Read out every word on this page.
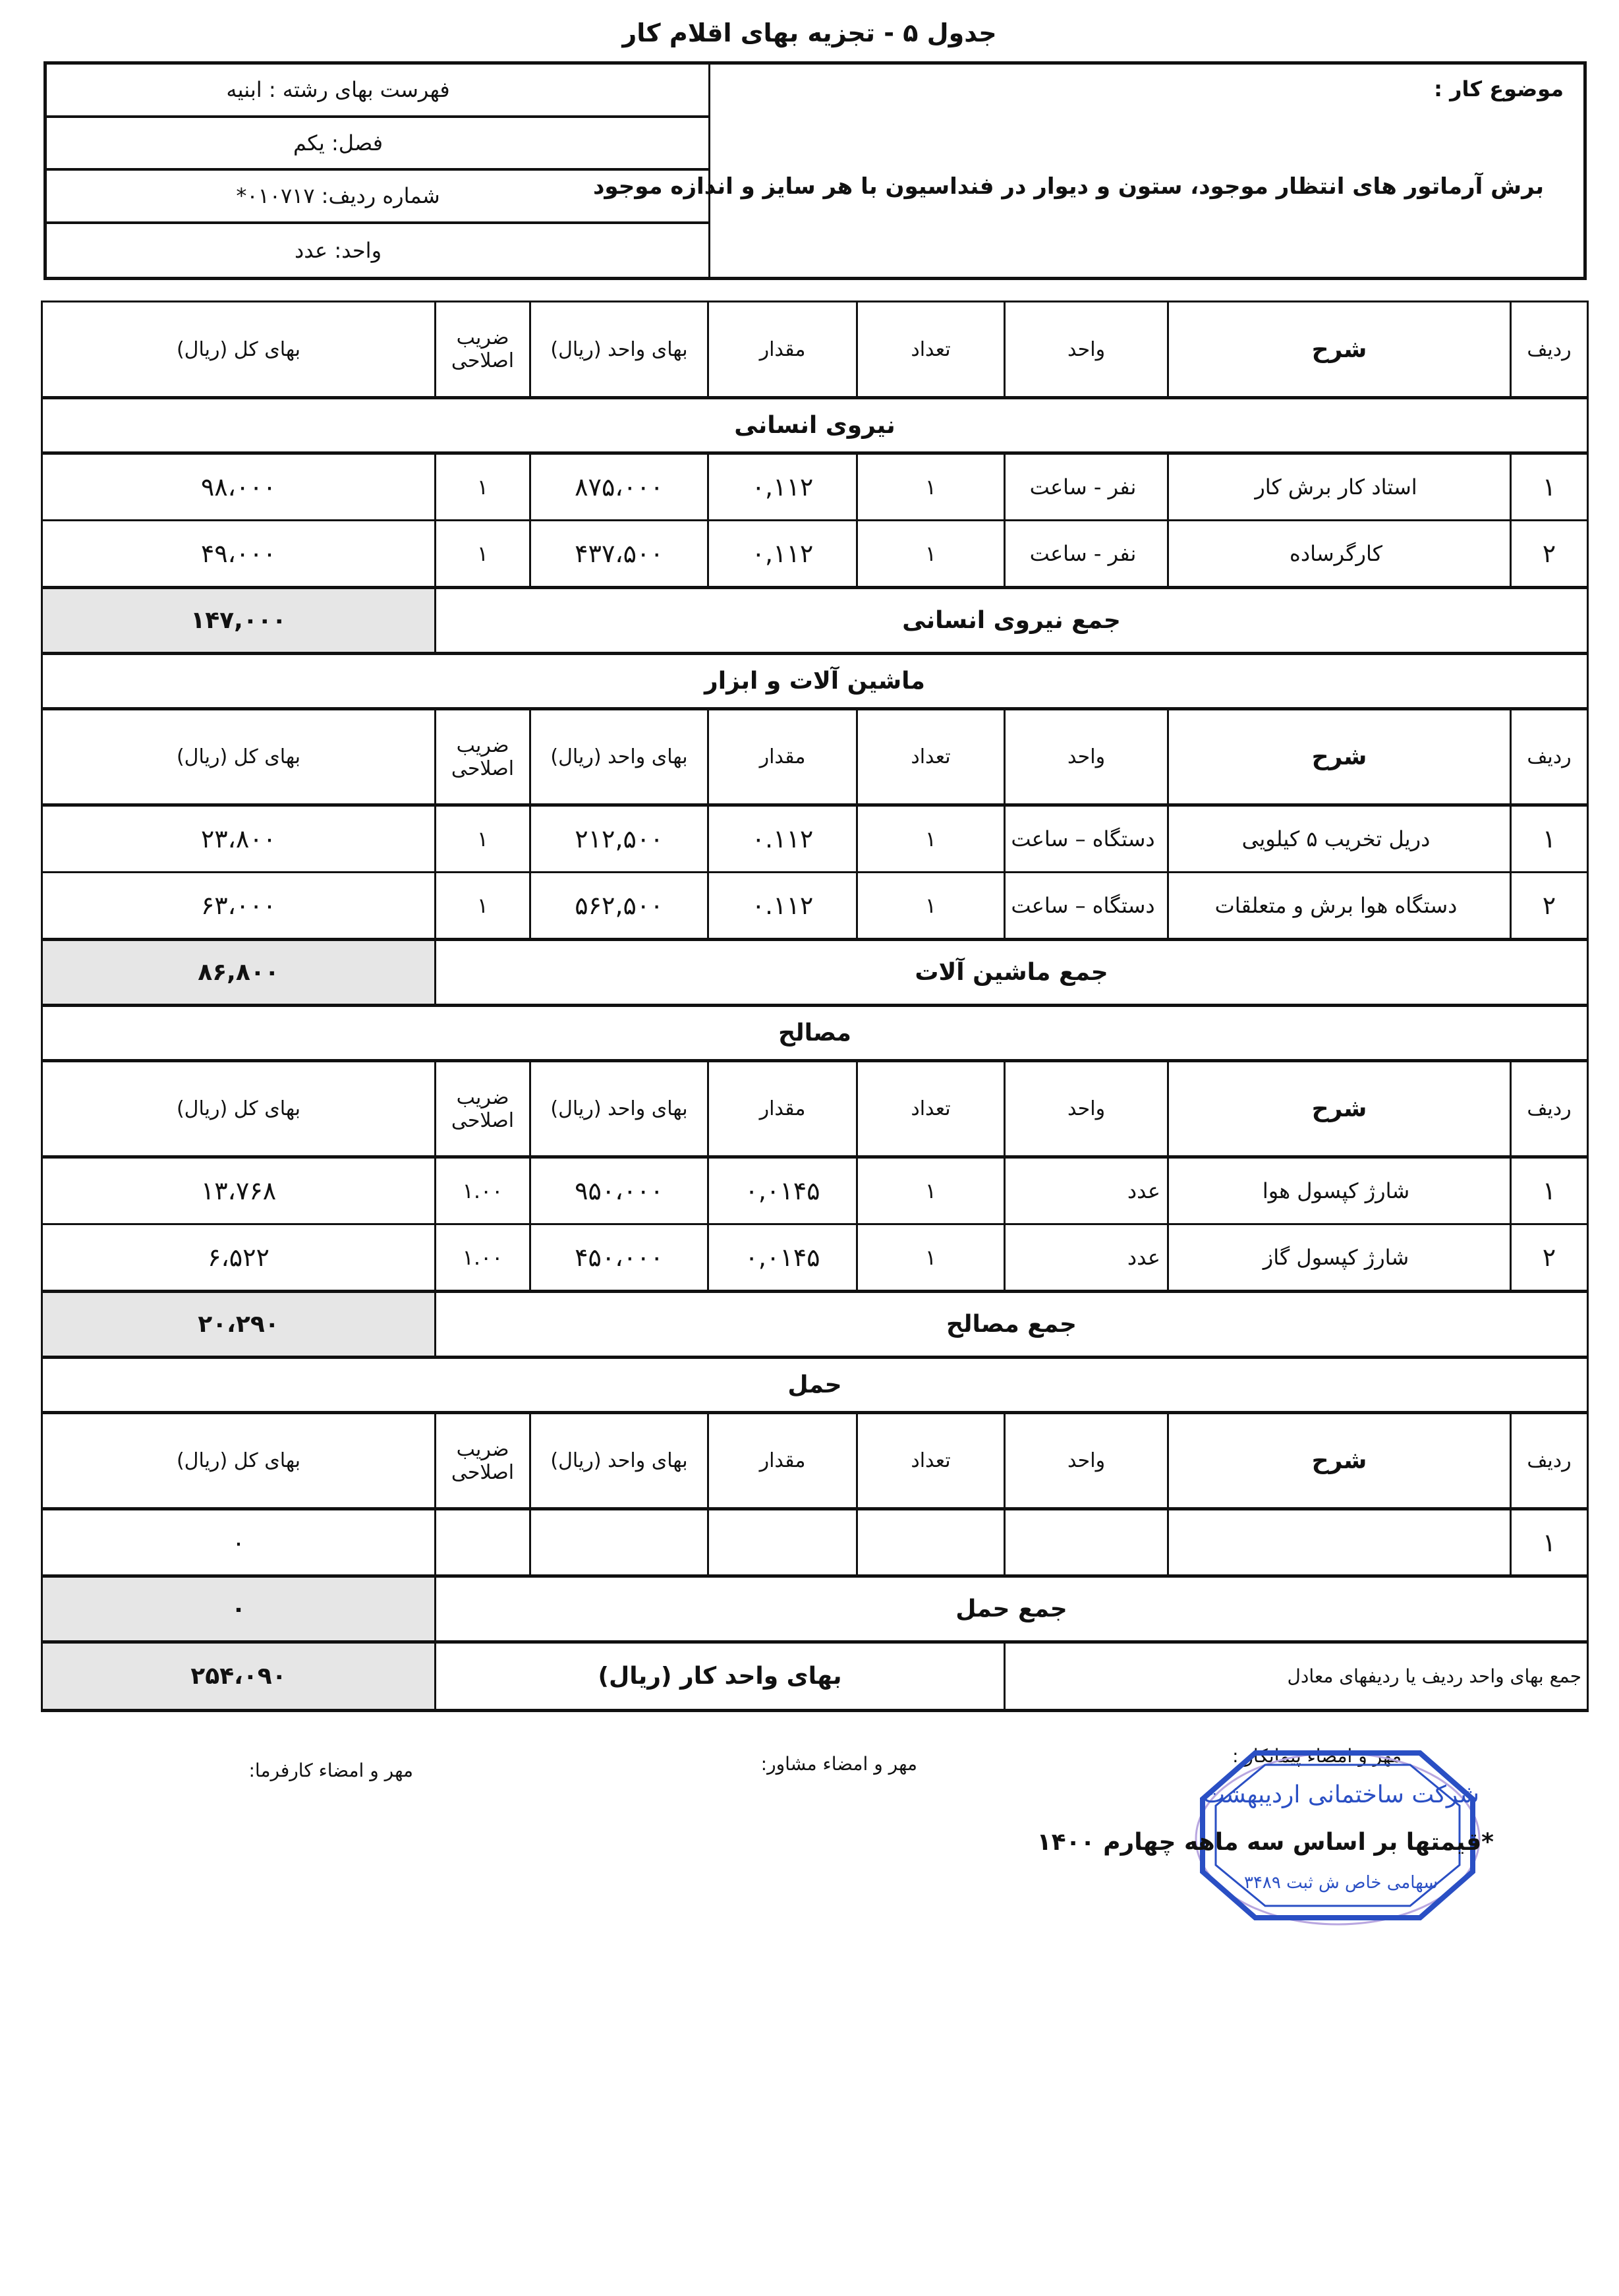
جدول ۵ - تجزیه بهای اقلام کار
فهرست بهای رشته : ابنیه
فصل: یکم
شماره ردیف: ۰۱۰۷۱۷*
واحد: عدد
موضوع کار :
برش آرماتور های انتظار موجود، ستون و دیوار در فنداسیون با هر سایز و اندازه موجود
ردیف	شرح	واحد	تعداد	مقدار	بهای واحد (ریال)	ضریب اصلاحی	بهای کل (ریال)
نیروی انسانی							
۱	استاد کار برش کار	نفر - ساعت	۱	۰,۱۱۲	۸۷۵،۰۰۰	۱	۹۸،۰۰۰
۲	کارگرساده	نفر - ساعت	۱	۰,۱۱۲	۴۳۷،۵۰۰	۱	۴۹،۰۰۰
جمع نیروی انسانی							۱۴۷,۰۰۰
ماشین آلات و ابزار							
ردیف	شرح	واحد	تعداد	مقدار	بهای واحد (ریال)	ضریب اصلاحی	بهای کل (ریال)
۱	دریل تخریب ۵ کیلویی	دستگاه – ساعت	۱	۰.۱۱۲	۲۱۲,۵۰۰	۱	۲۳،۸۰۰
۲	دستگاه هوا برش و متعلقات	دستگاه – ساعت	۱	۰.۱۱۲	۵۶۲,۵۰۰	۱	۶۳،۰۰۰
جمع ماشین آلات							۸۶,۸۰۰
مصالح							
ردیف	شرح	واحد	تعداد	مقدار	بهای واحد (ریال)	ضریب اصلاحی	بهای کل (ریال)
۱	شارژ کپسول هوا	عدد	۱	۰,۰۱۴۵	۹۵۰،۰۰۰	۱.۰۰	۱۳،۷۶۸
۲	شارژ کپسول گاز	عدد	۱	۰,۰۱۴۵	۴۵۰،۰۰۰	۱.۰۰	۶،۵۲۲
جمع مصالح							۲۰،۲۹۰
حمل							
ردیف	شرح	واحد	تعداد	مقدار	بهای واحد (ریال)	ضریب اصلاحی	بهای کل (ریال)
۱							۰
جمع حمل							۰
جمع بهای واحد ردیف یا ردیفهای معادل			بهای واحد کار (ریال)				۲۵۴،۰۹۰
مهر و امضاء پیمانکار :
مهر و امضاء مشاور:
مهر و امضاء کارفرما:
شرکت ساختمانی اردیبهشت
سهامی خاص ش ثبت ۳۴۸۹
*قیمتها بر اساس سه ماهه چهارم ۱۴۰۰
